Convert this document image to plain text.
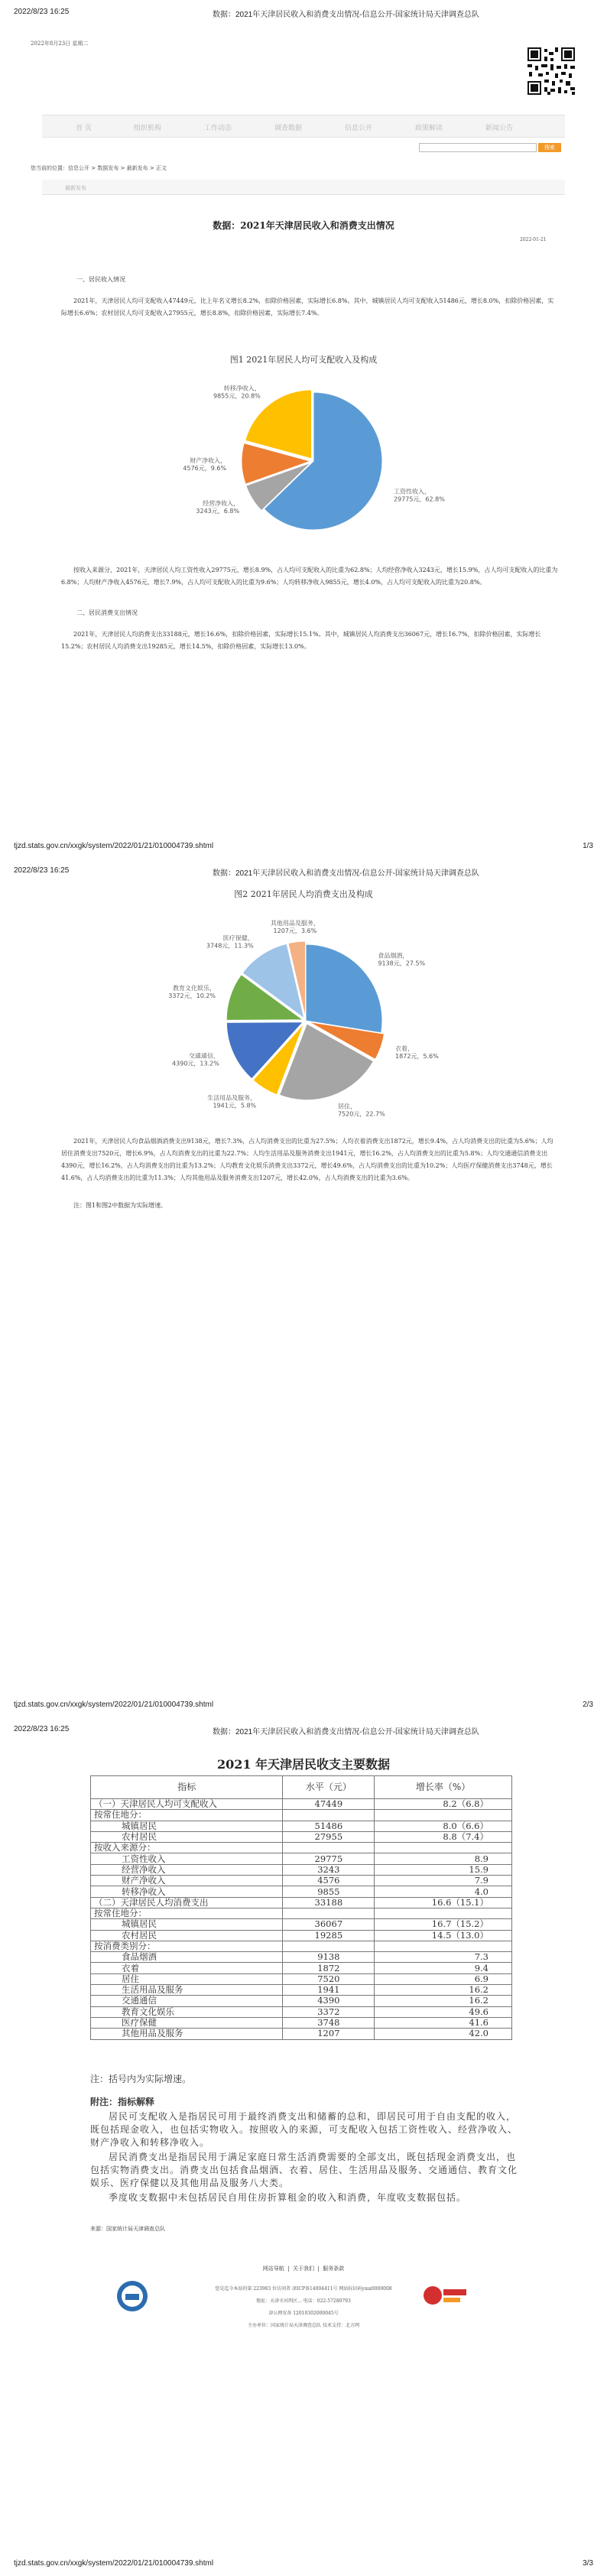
2022/8/23 16:25	数据：2021年天津居民收入和消费支出情况-信息公开-国家统计局天津调查总队
2022年8月23日 星期二
首 页	组织机构	工作动态	调查数据	信息公开	政策解读	新闻公告
搜索
您当前的位置：信息公开 > 数据发布 > 最新发布 > 正文
最新发布
数据：2021年天津居民收入和消费支出情况
2022-01-21
一、居民收入情况
2021年，天津居民人均可支配收入47449元，比上年名义增长8.2%，扣除价格因素，实际增长6.8%。其中，城镇居民人均可支配收入51486元，增长8.0%，扣除价格因素，实际增长6.6%；农村居民人均可支配收入27955元，增长8.8%，扣除价格因素，实际增长7.4%。
图1 2021年居民人均可支配收入及构成
工资性收入，
29775元，62.8%
经营净收入，
3243元，6.8%
财产净收入，
4576元，9.6%
转移净收入，
9855元，20.8%
按收入来源分，2021年，天津居民人均工资性收入29775元，增长8.9%，占人均可支配收入的比重为62.8%；人均经营净收入3243元，增长15.9%，占人均可支配收入的比重为6.8%；人均财产净收入4576元，增长7.9%，占人均可支配收入的比重为9.6%；人均转移净收入9855元，增长4.0%，占人均可支配收入的比重为20.8%。
二、居民消费支出情况
2021年，天津居民人均消费支出33188元，增长16.6%，扣除价格因素，实际增长15.1%。其中，城镇居民人均消费支出36067元，增长16.7%，扣除价格因素，实际增长15.2%；农村居民人均消费支出19285元，增长14.5%，扣除价格因素，实际增长13.0%。
tjzd.stats.gov.cn/xxgk/system/2022/01/21/010004739.shtml	1/3
2022/8/23 16:25	数据：2021年天津居民收入和消费支出情况-信息公开-国家统计局天津调查总队
图2 2021年居民人均消费支出及构成
食品烟酒，
9138元，27.5%
衣着，
1872元，5.6%
居住，
7520元，22.7%
生活用品及服务，
1941元，5.8%
交通通信，
4390元，13.2%
教育文化娱乐，
3372元，10.2%
医疗保健，
3748元，11.3%
其他用品及服务，
1207元，3.6%
2021年，天津居民人均食品烟酒消费支出9138元，增长7.3%，占人均消费支出的比重为27.5%；人均衣着消费支出1872元，增长9.4%，占人均消费支出的比重为5.6%；人均居住消费支出7520元，增长6.9%，占人均消费支出的比重为22.7%；人均生活用品及服务消费支出1941元，增长16.2%，占人均消费支出的比重为5.8%；人均交通通信消费支出4390元，增长16.2%，占人均消费支出的比重为13.2%；人均教育文化娱乐消费支出3372元，增长49.6%，占人均消费支出的比重为10.2%；人均医疗保健消费支出3748元，增长41.6%，占人均消费支出的比重为11.3%；人均其他用品及服务消费支出1207元，增长42.0%，占人均消费支出的比重为3.6%。
注：图1和图2中数据为实际增速。
tjzd.stats.gov.cn/xxgk/system/2022/01/21/010004739.shtml	2/3
2022/8/23 16:25	数据：2021年天津居民收入和消费支出情况-信息公开-国家统计局天津调查总队
tjzd.stats.gov.cn/xxgk/system/2022/01/21/010004739.shtml	3/3
2021 年天津居民收支主要数据
指标	水平（元）	增长率（%）
（一）天津居民人均可支配收入	47449	8.2（6.8）
按常住地分：		
城镇居民	51486	8.0（6.6）
农村居民	27955	8.8（7.4）
按收入来源分：		
工资性收入	29775	8.9
经营净收入	3243	15.9
财产净收入	4576	7.9
转移净收入	9855	4.0
（二）天津居民人均消费支出	33188	16.6（15.1）
按常住地分：		
城镇居民	36067	16.7（15.2）
农村居民	19285	14.5（13.0）
按消费类别分：		
食品烟酒	9138	7.3
衣着	1872	9.4
居住	7520	6.9
生活用品及服务	1941	16.2
交通通信	4390	16.2
教育文化娱乐	3372	49.6
医疗保健	3748	41.6
其他用品及服务	1207	42.0
注：括号内为实际增速。
附注：指标解释
居民可支配收入是指居民可用于最终消费支出和储蓄的总和，即居民可用于自由支配的收入，既包括现金收入，也包括实物收入。按照收入的来源，可支配收入包括工资性收入、经营净收入、财产净收入和转移净收入。
居民消费支出是指居民用于满足家庭日常生活消费需要的全部支出，既包括现金消费支出，也包括实物消费支出。消费支出包括食品烟酒、衣着、居住、生活用品及服务、交通通信、教育文化娱乐、医疗保健以及其他用品及服务八大类。
季度收支数据中未包括居民自用住房折算租金的收入和消费，年度收支数据包括。
来源：国家统计局天津调查总队
网站导航  |  关于我们  |  服务条款
您是迄今本站的第 223983 位访问者 津ICP备14004411号 网站标识码ymx0000008
地址：天津市河西区... 电话：022-57280793
津公网安备 12010302000045号
主办单位：国家统计局天津调查总队 技术支持：北方网
